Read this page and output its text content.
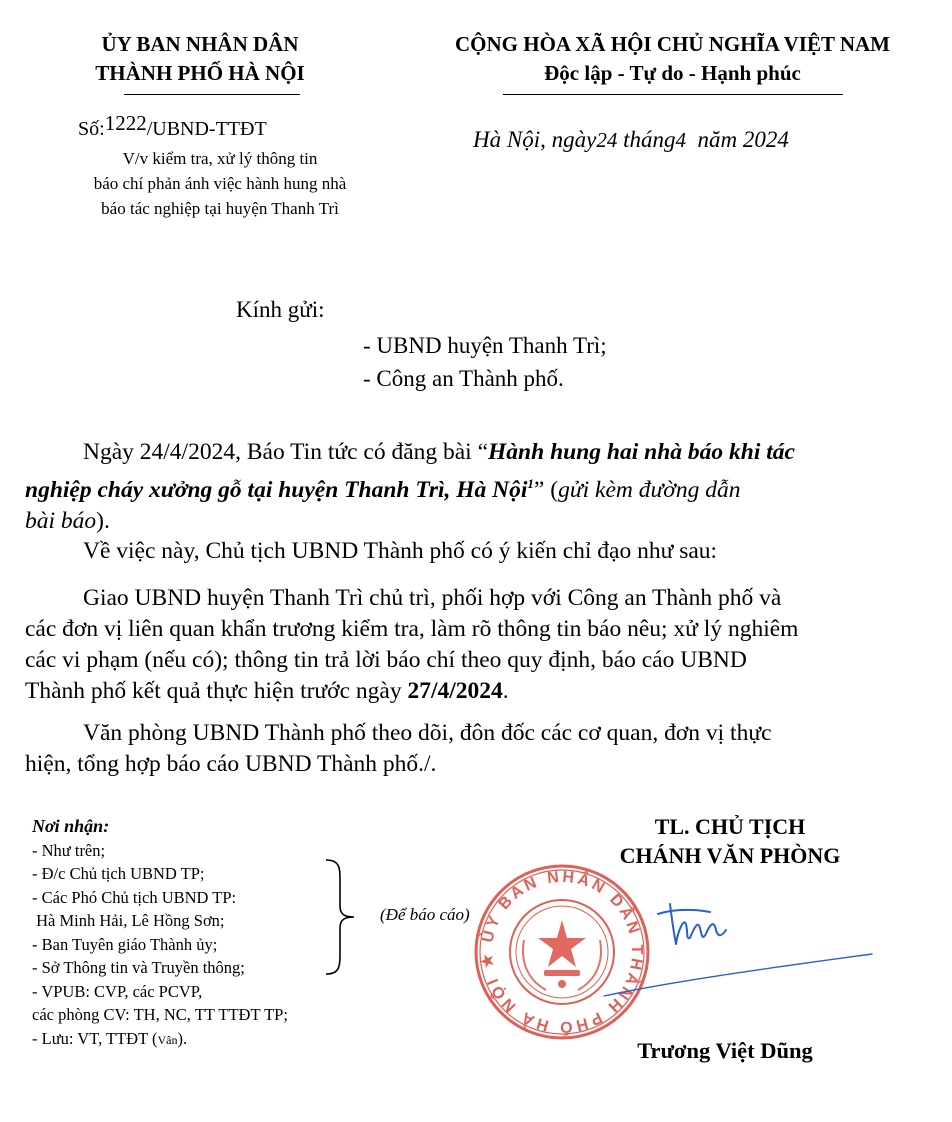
ỦY BAN NHÂN DÂN
THÀNH PHỐ HÀ NỘI
CỘNG HÒA XÃ HỘI CHỦ NGHĨA VIỆT NAM
Độc lập - Tự do - Hạnh phúc
Số:1222/UBND-TTĐT
V/v kiểm tra, xử lý thông tin
báo chí phản ánh việc hành hung nhà
báo tác nghiệp tại huyện Thanh Trì
Hà Nội, ngày24 tháng4 năm 2024
Kính gửi:
- UBND huyện Thanh Trì;
- Công an Thành phố.
Ngày 24/4/2024, Báo Tin tức có đăng bài “Hành hung hai nhà báo khi tác
nghiệp cháy xưởng gỗ tại huyện Thanh Trì, Hà Nội$^1$” (gửi kèm đường dẫn
bài báo).
Về việc này, Chủ tịch UBND Thành phố có ý kiến chỉ đạo như sau:
Giao UBND huyện Thanh Trì chủ trì, phối hợp với Công an Thành phố và
các đơn vị liên quan khẩn trương kiểm tra, làm rõ thông tin báo nêu; xử lý nghiêm
các vi phạm (nếu có); thông tin trả lời báo chí theo quy định, báo cáo UBND
Thành phố kết quả thực hiện trước ngày 27/4/2024.
Văn phòng UBND Thành phố theo dõi, đôn đốc các cơ quan, đơn vị thực
hiện, tổng hợp báo cáo UBND Thành phố./.
Nơi nhận:
- Như trên;
- Đ/c Chủ tịch UBND TP;
- Các Phó Chủ tịch UBND TP:
Hà Minh Hải, Lê Hồng Sơn;
- Ban Tuyên giáo Thành ủy;
- Sở Thông tin và Truyền thông;
- VPUB: CVP, các PCVP,
các phòng CV: TH, NC, TT TTĐT TP;
- Lưu: VT, TTĐT (Vân).
(Để báo cáo)
TL. CHỦ TỊCH
CHÁNH VĂN PHÒNG
ỦY BAN NHÂN DÂN THÀNH PHỐ HÀ NỘI ★
Trương Việt Dũng
